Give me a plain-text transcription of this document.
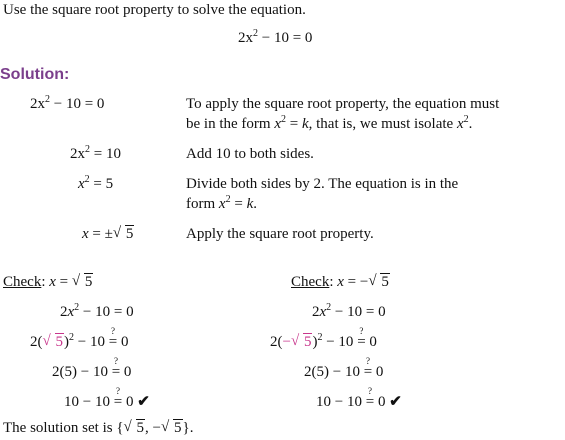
Use the square root property to solve the equation.
$2x^2 - 10 = 0$
Solution:
$2x^2 - 10 = 0$	To apply the square root property, the equation must
be in the form $x^2 = k$, that is, we must isolate $x^2$.
$2x^2 = 10$	Add 10 to both sides.
$x^2 = 5$	Divide both sides by 2. The equation is in the
form $x^2 = k$.
x = ± √ 5	Apply the square root property.
Check: x = √ 5
$2x^2 - 10 = 0$
2( √ 5)$^2$ − 10
?
= 0
2(5) − 10
?
= 0
10 − 10
?
= 0 ✔
Check: x = − √ 5
$2x^2 - 10 = 0$
2(− √ 5)$^2$ − 10
?
= 0
2(5) − 10
?
= 0
10 − 10
?
= 0 ✔
The solution set is { √ 5, − √ 5}.
